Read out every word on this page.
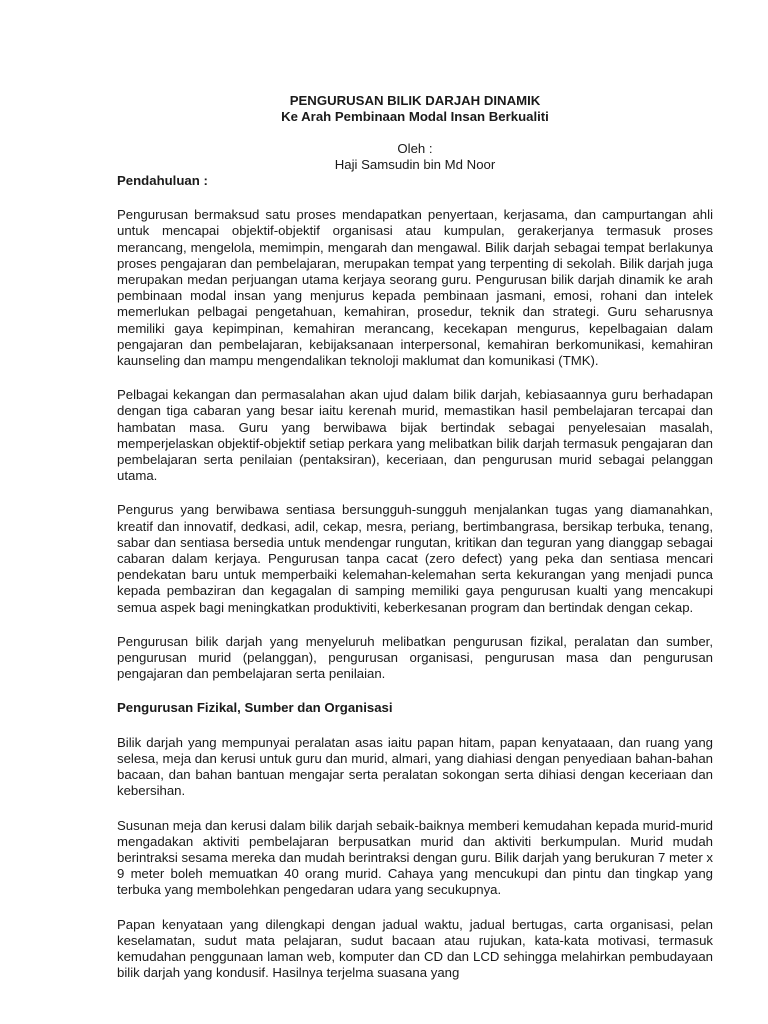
PENGURUSAN BILIK DARJAH DINAMIK
Ke Arah Pembinaan Modal Insan Berkualiti
Oleh :
Haji Samsudin bin Md Noor

Pendahuluan :

Pengurusan bermaksud satu proses mendapatkan penyertaan, kerjasama, dan campurtangan ahli untuk mencapai objektif-objektif organisasi atau kumpulan, gerakerjanya termasuk proses merancang, mengelola, memimpin, mengarah dan mengawal. Bilik darjah sebagai tempat berlakunya proses pengajaran dan pembelajaran, merupakan tempat yang terpenting di sekolah. Bilik darjah juga merupakan medan perjuangan utama kerjaya seorang guru. Pengurusan bilik darjah dinamik ke arah pembinaan modal insan yang menjurus kepada pembinaan jasmani, emosi, rohani dan intelek memerlukan pelbagai pengetahuan, kemahiran, prosedur, teknik dan strategi. Guru seharusnya memiliki gaya kepimpinan, kemahiran merancang, kecekapan mengurus, kepelbagaian dalam pengajaran dan pembelajaran, kebijaksanaan interpersonal, kemahiran berkomunikasi, kemahiran kaunseling dan mampu mengendalikan teknoloji maklumat dan komunikasi (TMK).

Pelbagai kekangan dan permasalahan akan ujud dalam bilik darjah, kebiasaannya guru berhadapan dengan tiga cabaran yang besar iaitu kerenah murid, memastikan hasil pembelajaran tercapai dan hambatan masa. Guru yang berwibawa bijak bertindak sebagai penyelesaian masalah, memperjelaskan objektif-objektif setiap perkara yang melibatkan bilik darjah termasuk pengajaran dan pembelajaran serta penilaian (pentaksiran), keceriaan, dan pengurusan murid sebagai pelanggan utama.

Pengurus yang berwibawa sentiasa bersungguh-sungguh menjalankan tugas yang diamanahkan, kreatif dan innovatif, dedkasi, adil, cekap, mesra, periang, bertimbangrasa, bersikap terbuka, tenang, sabar dan sentiasa bersedia untuk mendengar rungutan, kritikan dan teguran yang dianggap sebagai cabaran dalam kerjaya. Pengurusan tanpa cacat (zero defect) yang peka dan sentiasa mencari pendekatan baru untuk memperbaiki kelemahan-kelemahan serta kekurangan yang menjadi punca kepada pembaziran dan kegagalan di samping memiliki gaya pengurusan kualti yang mencakupi semua aspek bagi meningkatkan produktiviti, keberkesanan program dan bertindak dengan cekap.

Pengurusan bilik darjah yang menyeluruh melibatkan pengurusan fizikal, peralatan dan sumber, pengurusan murid (pelanggan), pengurusan organisasi, pengurusan masa dan pengurusan pengajaran dan pembelajaran serta penilaian.

Pengurusan Fizikal, Sumber dan Organisasi

Bilik darjah yang mempunyai peralatan asas iaitu papan hitam, papan kenyataaan, dan ruang yang selesa, meja dan kerusi untuk guru dan murid, almari, yang diahiasi dengan penyediaan bahan-bahan bacaan, dan bahan bantuan mengajar serta peralatan sokongan serta dihiasi dengan keceriaan dan kebersihan.

Susunan meja dan kerusi dalam bilik darjah sebaik-baiknya memberi kemudahan kepada murid-murid mengadakan aktiviti pembelajaran berpusatkan murid dan aktiviti berkumpulan. Murid mudah berintraksi sesama mereka dan mudah berintraksi dengan guru. Bilik darjah yang berukuran 7 meter x 9 meter boleh memuatkan 40 orang murid. Cahaya yang mencukupi dan pintu dan tingkap yang terbuka yang membolehkan pengedaran udara yang secukupnya.

Papan kenyataan yang dilengkapi dengan jadual waktu, jadual bertugas, carta organisasi, pelan keselamatan, sudut mata pelajaran, sudut bacaan atau rujukan, kata-kata motivasi, termasuk kemudahan penggunaan laman web, komputer dan CD dan LCD sehingga melahirkan pembudayaan bilik darjah yang kondusif. Hasilnya terjelma suasana yang
